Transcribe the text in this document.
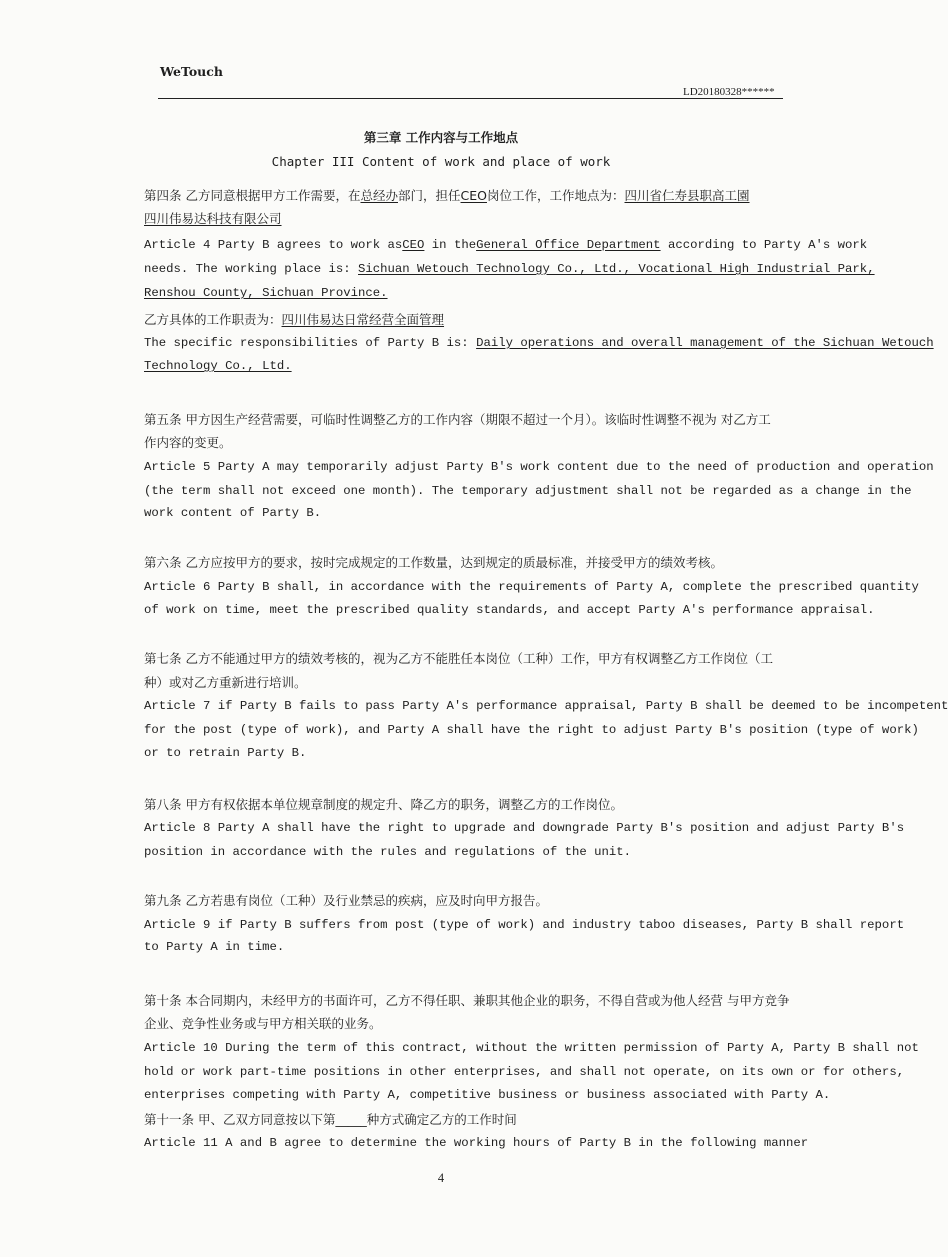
WeTouch
LD20180328******
第三章 工作内容与工作地点
Chapter III Content of work and place of work
第四条 乙方同意根据甲方工作需要，在总经办部门，担任CEO岗位工作，工作地点为：四川省仁寿县职高工園
四川伟易达科技有限公司
Article 4 Party B agrees to work asCEO in theGeneral Office Department according to Party A's work
needs. The working place is: Sichuan Wetouch Technology Co., Ltd., Vocational High Industrial Park,
Renshou County, Sichuan Province.
乙方具体的工作职责为：四川伟易达日常经营全面管理
The specific responsibilities of Party B is: Daily operations and overall management of the Sichuan Wetouch
Technology Co., Ltd.
第五条 甲方因生产经营需要，可临时性调整乙方的工作内容（期限不超过一个月）。该临时性调整不视为 对乙方工
作内容的变更。
Article 5 Party A may temporarily adjust Party B's work content due to the need of production and operation
(the term shall not exceed one month). The temporary adjustment shall not be regarded as a change in the
work content of Party B.
第六条 乙方应按甲方的要求，按时完成规定的工作数量，达到规定的质最标准，并接受甲方的绩效考核。
Article 6 Party B shall, in accordance with the requirements of Party A, complete the prescribed quantity
of work on time, meet the prescribed quality standards, and accept Party A's performance appraisal.
第七条 乙方不能通过甲方的绩效考核的，视为乙方不能胜任本岗位（工种）工作，甲方有权调整乙方工作岗位（工
种）或对乙方重新进行培训。
Article 7 if Party B fails to pass Party A's performance appraisal, Party B shall be deemed to be incompetent
for the post (type of work), and Party A shall have the right to adjust Party B's position (type of work)
or to retrain Party B.
第八条 甲方有权依据本单位规章制度的规定升、降乙方的职务，调整乙方的工作岗位。
Article 8 Party A shall have the right to upgrade and downgrade Party B's position and adjust Party B's
position in accordance with the rules and regulations of the unit.
第九条 乙方若患有岗位（工种）及行业禁忌的疾病，应及时向甲方报告。
Article 9 if Party B suffers from post (type of work) and industry taboo diseases, Party B shall report
to Party A in time.
第十条 本合同期内，未经甲方的书面许可，乙方不得任职、兼职其他企业的职务，不得自营或为他人经营 与甲方竞争
企业、竞争性业务或与甲方相关联的业务。
Article 10 During the term of this contract, without the written permission of Party A, Party B shall not
hold or work part-time positions in other enterprises, and shall not operate, on its own or for others,
enterprises competing with Party A, competitive business or business associated with Party A.
第十一条 甲、乙双方同意按以下第_____种方式确定乙方的工作时间
Article 11 A and B agree to determine the working hours of Party B in the following manner
4
